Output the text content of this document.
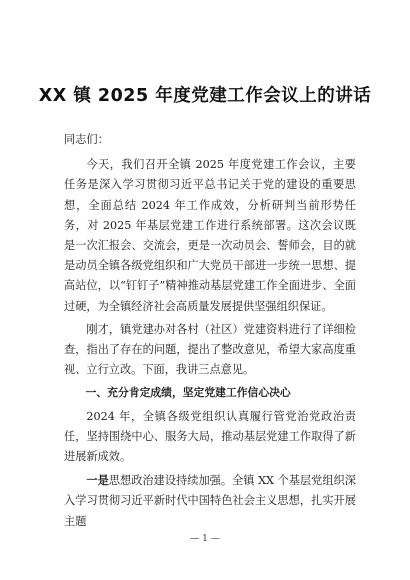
XX 镇 2025 年度党建工作会议上的讲话

同志们：

今天，我们召开全镇 2025 年度党建工作会议，主要任务是深入学习贯彻习近平总书记关于党的建设的重要思想，全面总结 2024 年工作成效，分析研判当前形势任务，对 2025 年基层党建工作进行系统部署。这次会议既是一次汇报会、交流会，更是一次动员会、誓师会，目的就是动员全镇各级党组织和广大党员干部进一步统一思想、提高站位，以“钉钉子”精神推动基层党建工作全面进步、全面过硬，为全镇经济社会高质量发展提供坚强组织保证。

刚才，镇党建办对各村（社区）党建资料进行了详细检查，指出了存在的问题，提出了整改意见，希望大家高度重视、立行立改。下面，我讲三点意见。

一、充分肯定成绩，坚定党建工作信心决心

2024 年，全镇各级党组织认真履行管党治党政治责任，坚持围绕中心、服务大局，推动基层党建工作取得了新进展新成效。

一是思想政治建设持续加强。全镇 XX 个基层党组织深入学习贯彻习近平新时代中国特色社会主义思想，扎实开展主题

— 1 —
